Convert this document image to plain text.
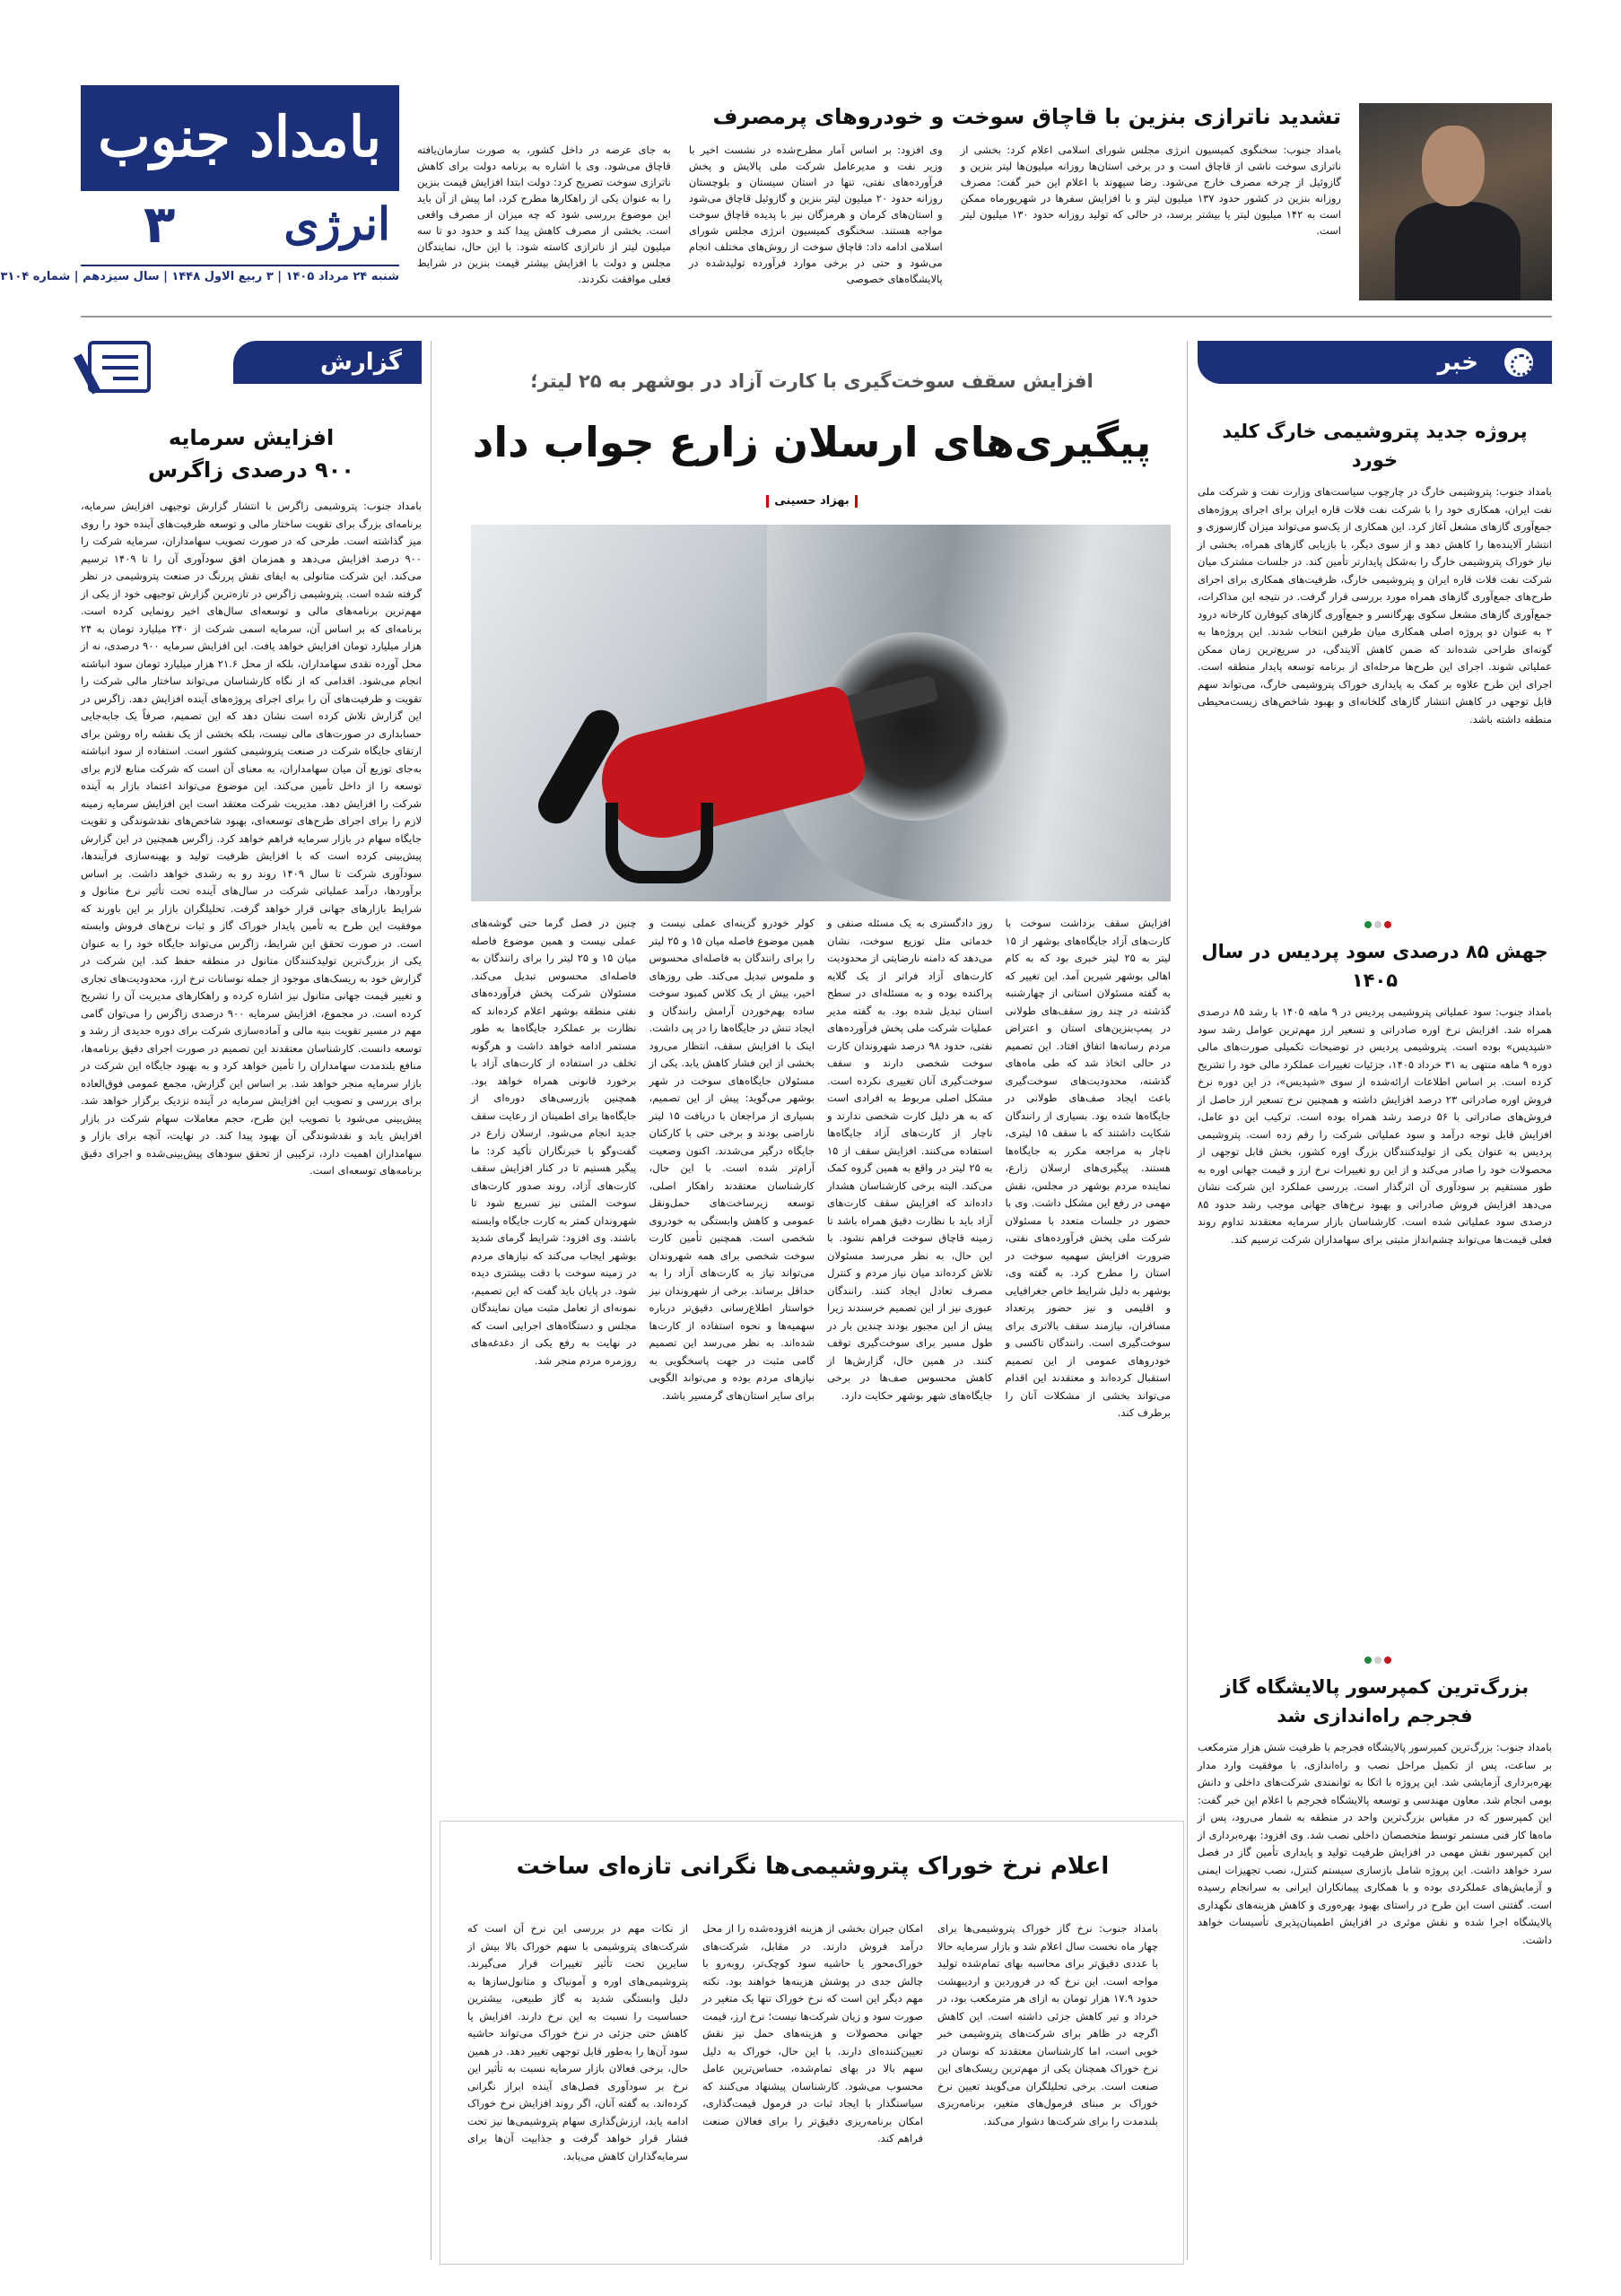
بامداد جنوب
انرژی
۳
شنبه ۲۴ مرداد ۱۴۰۵ | ۳ ربیع الاول ۱۴۴۸ | سال سیزدهم | شماره ۳۱۰۴
تشدید ناترازی بنزین با قاچاق سوخت و خودروهای پرمصرف
بامداد جنوب: سخنگوی کمیسیون انرژی مجلس شورای اسلامی اعلام کرد: بخشی از ناترازی سوخت ناشی از قاچاق است و در برخی استان‌ها روزانه میلیون‌ها لیتر بنزین و گازوئیل از چرخه مصرف خارج می‌شود. رضا سپهوند با اعلام این خبر گفت: مصرف روزانه بنزین در کشور حدود ۱۳۷ میلیون لیتر و با افزایش سفرها در شهریورماه ممکن است به ۱۴۲ میلیون لیتر یا بیشتر برسد، در حالی که تولید روزانه حدود ۱۳۰ میلیون لیتر است.
وی افزود: بر اساس آمار مطرح‌شده در نشست اخیر با وزیر نفت و مدیرعامل شرکت ملی پالایش و پخش فرآورده‌های نفتی، تنها در استان سیستان و بلوچستان روزانه حدود ۲۰ میلیون لیتر بنزین و گازوئیل قاچاق می‌شود و استان‌های کرمان و هرمزگان نیز با پدیده قاچاق سوخت مواجه هستند. سخنگوی کمیسیون انرژی مجلس شورای اسلامی ادامه داد: قاچاق سوخت از روش‌های مختلف انجام می‌شود و حتی در برخی موارد فرآورده تولیدشده در پالایشگاه‌های خصوصی
به جای عرضه در داخل کشور، به صورت سازمان‌یافته قاچاق می‌شود. وی با اشاره به برنامه دولت برای کاهش ناترازی سوخت تصریح کرد: دولت ابتدا افزایش قیمت بنزین را به عنوان یکی از راهکارها مطرح کرد، اما پیش از آن باید این موضوع بررسی شود که چه میزان از مصرف واقعی است. بخشی از مصرف کاهش پیدا کند و حدود دو تا سه میلیون لیتر از ناترازی کاسته شود. با این حال، نمایندگان مجلس و دولت با افزایش بیشتر قیمت بنزین در شرایط فعلی موافقت نکردند.
خبر
پروژه جدید پتروشیمی خارگ کلید خورد

بامداد جنوب: پتروشیمی خارگ در چارچوب سیاست‌های وزارت نفت و شرکت ملی نفت ایران، همکاری خود را با شرکت نفت فلات قاره ایران برای اجرای پروژه‌های جمع‌آوری گازهای مشعل آغاز کرد. این همکاری از یک‌سو می‌تواند میزان گازسوزی و انتشار آلاینده‌ها را کاهش دهد و از سوی دیگر، با بازیابی گازهای همراه، بخشی از نیاز خوراک پتروشیمی خارگ را به‌شکل پایدارتر تأمین کند. در جلسات مشترک میان شرکت نفت فلات قاره ایران و پتروشیمی خارگ، ظرفیت‌های همکاری برای اجرای طرح‌های جمع‌آوری گازهای همراه مورد بررسی قرار گرفت. در نتیجه این مذاکرات، جمع‌آوری گازهای مشعل سکوی بهرگانسر و جمع‌آوری گازهای کیوفارن کارخانه درود ۲ به عنوان دو پروژه اصلی همکاری میان طرفین انتخاب شدند. این پروژه‌ها به گونه‌ای طراحی شده‌اند که ضمن کاهش آلایندگی، در سریع‌ترین زمان ممکن عملیاتی شوند. اجرای این طرح‌ها مرحله‌ای از برنامه توسعه پایدار منطقه است. اجرای این طرح علاوه بر کمک به پایداری خوراک پتروشیمی خارگ، می‌تواند سهم قابل توجهی در کاهش انتشار گازهای گلخانه‌ای و بهبود شاخص‌های زیست‌محیطی منطقه داشته باشد.

جهش ۸۵ درصدی سود پردیس در سال ۱۴۰۵

بامداد جنوب: سود عملیاتی پتروشیمی پردیس در ۹ ماهه ۱۴۰۵ با رشد ۸۵ درصدی همراه شد. افزایش نرخ اوره صادراتی و تسعیر ارز مهم‌ترین عوامل رشد سود «شپدیس» بوده است. پتروشیمی پردیس در توضیحات تکمیلی صورت‌های مالی دوره ۹ ماهه منتهی به ۳۱ خرداد ۱۴۰۵، جزئیات تغییرات عملکرد مالی خود را تشریح کرده است. بر اساس اطلاعات ارائه‌شده از سوی «شپدیس»، در این دوره نرخ فروش اوره صادراتی ۲۳ درصد افزایش داشته و همچنین نرخ تسعیر ارز حاصل از فروش‌های صادراتی با ۵۶ درصد رشد همراه بوده است. ترکیب این دو عامل، افزایش قابل توجه درآمد و سود عملیاتی شرکت را رقم زده است. پتروشیمی پردیس به عنوان یکی از تولیدکنندگان بزرگ اوره کشور، بخش قابل توجهی از محصولات خود را صادر می‌کند و از این رو تغییرات نرخ ارز و قیمت جهانی اوره به طور مستقیم بر سودآوری آن اثرگذار است. بررسی عملکرد این شرکت نشان می‌دهد افزایش فروش صادراتی و بهبود نرخ‌های جهانی موجب رشد حدود ۸۵ درصدی سود عملیاتی شده است. کارشناسان بازار سرمایه معتقدند تداوم روند فعلی قیمت‌ها می‌تواند چشم‌انداز مثبتی برای سهامداران شرکت ترسیم کند.

بزرگ‌ترین کمپرسور پالایشگاه گاز فجرجم راه‌اندازی شد

بامداد جنوب: بزرگ‌ترین کمپرسور پالایشگاه فجرجم با ظرفیت شش هزار مترمکعب بر ساعت، پس از تکمیل مراحل نصب و راه‌اندازی، با موفقیت وارد مدار بهره‌برداری آزمایشی شد. این پروژه با اتکا به توانمندی شرکت‌های داخلی و دانش بومی انجام شد. معاون مهندسی و توسعه پالایشگاه فجرجم با اعلام این خبر گفت: این کمپرسور که در مقیاس بزرگ‌ترین واحد در منطقه به شمار می‌رود، پس از ماه‌ها کار فنی مستمر توسط متخصصان داخلی نصب شد. وی افزود: بهره‌برداری از این کمپرسور نقش مهمی در افزایش ظرفیت تولید و پایداری تأمین گاز در فصل سرد خواهد داشت. این پروژه شامل بازسازی سیستم کنترل، نصب تجهیزات ایمنی و آزمایش‌های عملکردی بوده و با همکاری پیمانکاران ایرانی به سرانجام رسیده است. گفتنی است این طرح در راستای بهبود بهره‌وری و کاهش هزینه‌های نگهداری پالایشگاه اجرا شده و نقش موثری در افزایش اطمینان‌پذیری تأسیسات خواهد داشت.

گزارش
افزایش سرمایه
۹۰۰ درصدی زاگرس
بامداد جنوب: پتروشیمی زاگرس با انتشار گزارش توجیهی افزایش سرمایه، برنامه‌ای بزرگ برای تقویت ساختار مالی و توسعه ظرفیت‌های آینده خود را روی میز گذاشته است. طرحی که در صورت تصویب سهامداران، سرمایه شرکت را ۹۰۰ درصد افزایش می‌دهد و همزمان افق سودآوری آن را تا ۱۴۰۹ ترسیم می‌کند. این شرکت متانولی به ایفای نقش پررنگ در صنعت پتروشیمی در نظر گرفته شده است. پتروشیمی زاگرس در تازه‌ترین گزارش توجیهی خود از یکی از مهم‌ترین برنامه‌های مالی و توسعه‌ای سال‌های اخیر رونمایی کرده است. برنامه‌ای که بر اساس آن، سرمایه اسمی شرکت از ۲۴۰ میلیارد تومان به ۲۴ هزار میلیارد تومان افزایش خواهد یافت. این افزایش سرمایه ۹۰۰ درصدی، نه از محل آورده نقدی سهامداران، بلکه از محل ۲۱.۶ هزار میلیارد تومان سود انباشته انجام می‌شود. اقدامی که از نگاه کارشناسان می‌تواند ساختار مالی شرکت را تقویت و ظرفیت‌های آن را برای اجرای پروژه‌های آینده افزایش دهد. زاگرس در این گزارش تلاش کرده است نشان دهد که این تصمیم، صرفاً یک جابه‌جایی حسابداری در صورت‌های مالی نیست، بلکه بخشی از یک نقشه راه روشن برای ارتقای جایگاه شرکت در صنعت پتروشیمی کشور است. استفاده از سود انباشته به‌جای توزیع آن میان سهامداران، به معنای آن است که شرکت منابع لازم برای توسعه را از داخل تأمین می‌کند. این موضوع می‌تواند اعتماد بازار به آینده شرکت را افزایش دهد. مدیریت شرکت معتقد است این افزایش سرمایه زمینه لازم را برای اجرای طرح‌های توسعه‌ای، بهبود شاخص‌های نقدشوندگی و تقویت جایگاه سهام در بازار سرمایه فراهم خواهد کرد. زاگرس همچنین در این گزارش پیش‌بینی کرده است که با افزایش ظرفیت تولید و بهینه‌سازی فرآیندها، سودآوری شرکت تا سال ۱۴۰۹ روند رو به رشدی خواهد داشت. بر اساس برآوردها، درآمد عملیاتی شرکت در سال‌های آینده تحت تأثیر نرخ متانول و شرایط بازارهای جهانی قرار خواهد گرفت. تحلیلگران بازار بر این باورند که موفقیت این طرح به تأمین پایدار خوراک گاز و ثبات نرخ‌های فروش وابسته است. در صورت تحقق این شرایط، زاگرس می‌تواند جایگاه خود را به عنوان یکی از بزرگ‌ترین تولیدکنندگان متانول در منطقه حفظ کند. این شرکت در گزارش خود به ریسک‌های موجود از جمله نوسانات نرخ ارز، محدودیت‌های تجاری و تغییر قیمت جهانی متانول نیز اشاره کرده و راهکارهای مدیریت آن را تشریح کرده است. در مجموع، افزایش سرمایه ۹۰۰ درصدی زاگرس را می‌توان گامی مهم در مسیر تقویت بنیه مالی و آماده‌سازی شرکت برای دوره جدیدی از رشد و توسعه دانست. کارشناسان معتقدند این تصمیم در صورت اجرای دقیق برنامه‌ها، منافع بلندمدت سهامداران را تأمین خواهد کرد و به بهبود جایگاه این شرکت در بازار سرمایه منجر خواهد شد. بر اساس این گزارش، مجمع عمومی فوق‌العاده برای بررسی و تصویب این افزایش سرمایه در آینده نزدیک برگزار خواهد شد. پیش‌بینی می‌شود با تصویب این طرح، حجم معاملات سهام شرکت در بازار افزایش یابد و نقدشوندگی آن بهبود پیدا کند. در نهایت، آنچه برای بازار و سهامداران اهمیت دارد، ترکیبی از تحقق سودهای پیش‌بینی‌شده و اجرای دقیق برنامه‌های توسعه‌ای است.
افزایش سقف سوخت‌گیری با کارت آزاد در بوشهر به ۲۵ لیتر؛
پیگیری‌های ارسلان زارع جواب داد
بهزاد حسینی
افزایش سقف برداشت سوخت با کارت‌های آزاد جایگاه‌های بوشهر از ۱۵ لیتر به ۲۵ لیتر خبری بود که به کام اهالی بوشهر شیرین آمد. این تغییر که به گفته مسئولان استانی از چهارشنبه گذشته در چند روز سقف‌های طولانی در پمپ‌بنزین‌های استان و اعتراض مردم رسانه‌ها اتفاق افتاد. این تصمیم در حالی اتخاذ شد که طی ماه‌های گذشته، محدودیت‌های سوخت‌گیری باعث ایجاد صف‌های طولانی در جایگاه‌ها شده بود. بسیاری از رانندگان شکایت داشتند که با سقف ۱۵ لیتری، ناچار به مراجعه مکرر به جایگاه‌ها هستند. پیگیری‌های ارسلان زارع، نماینده مردم بوشهر در مجلس، نقش مهمی در رفع این مشکل داشت. وی با حضور در جلسات متعدد با مسئولان شرکت ملی پخش فرآورده‌های نفتی، ضرورت افزایش سهمیه سوخت در استان را مطرح کرد. به گفته وی، بوشهر به دلیل شرایط خاص جغرافیایی و اقلیمی و نیز حضور پرتعداد مسافران، نیازمند سقف بالاتری برای سوخت‌گیری است. رانندگان تاکسی و خودروهای عمومی از این تصمیم استقبال کرده‌اند و معتقدند این اقدام می‌تواند بخشی از مشکلات آنان را برطرف کند.
روز دادگستری به یک مسئله صنفی و خدماتی مثل توزیع سوخت، نشان می‌دهد که دامنه نارضایتی از محدودیت کارت‌های آزاد فراتر از یک گلایه پراکنده بوده و به مسئله‌ای در سطح استان تبدیل شده بود. به گفته مدیر عملیات شرکت ملی پخش فرآورده‌های نفتی، حدود ۹۸ درصد شهروندان کارت سوخت شخصی دارند و سقف سوخت‌گیری آنان تغییری نکرده است. مشکل اصلی مربوط به افرادی است که به هر دلیل کارت شخصی ندارند و ناچار از کارت‌های آزاد جایگاه‌ها استفاده می‌کنند. افزایش سقف از ۱۵ به ۲۵ لیتر در واقع به همین گروه کمک می‌کند. البته برخی کارشناسان هشدار داده‌اند که افزایش سقف کارت‌های آزاد باید با نظارت دقیق همراه باشد تا زمینه قاچاق سوخت فراهم نشود. با این حال، به نظر می‌رسد مسئولان تلاش کرده‌اند میان نیاز مردم و کنترل مصرف تعادل ایجاد کنند. رانندگان عبوری نیز از این تصمیم خرسندند زیرا پیش از این مجبور بودند چندین بار در طول مسیر برای سوخت‌گیری توقف کنند. در همین حال، گزارش‌ها از کاهش محسوس صف‌ها در برخی جایگاه‌های شهر بوشهر حکایت دارد.
کولر خودرو گزینه‌ای عملی نیست و همین موضوع فاصله میان ۱۵ و ۲۵ لیتر را برای رانندگان به فاصله‌ای محسوس و ملموس تبدیل می‌کند. طی روزهای اخیر، بیش از یک کلاس کمبود سوخت ساده بهم‌خوردن آرامش رانندگان و ایجاد تنش در جایگاه‌ها را در پی داشت. اینک با افزایش سقف، انتظار می‌رود بخشی از این فشار کاهش یابد. یکی از مسئولان جایگاه‌های سوخت در شهر بوشهر می‌گوید: پیش از این تصمیم، بسیاری از مراجعان با دریافت ۱۵ لیتر ناراضی بودند و برخی حتی با کارکنان جایگاه درگیر می‌شدند. اکنون وضعیت آرام‌تر شده است. با این حال، کارشناسان معتقدند راهکار اصلی، توسعه زیرساخت‌های حمل‌ونقل عمومی و کاهش وابستگی به خودروی شخصی است. همچنین تأمین کارت سوخت شخصی برای همه شهروندان می‌تواند نیاز به کارت‌های آزاد را به حداقل برساند. برخی از شهروندان نیز خواستار اطلاع‌رسانی دقیق‌تر درباره سهمیه‌ها و نحوه استفاده از کارت‌ها شده‌اند. به نظر می‌رسد این تصمیم گامی مثبت در جهت پاسخگویی به نیازهای مردم بوده و می‌تواند الگویی برای سایر استان‌های گرمسیر باشد.
چنین در فصل گرما حتی گوشه‌های عملی نیست و همین موضوع فاصله میان ۱۵ و ۲۵ لیتر را برای رانندگان به فاصله‌ای محسوس تبدیل می‌کند. مسئولان شرکت پخش فرآورده‌های نفتی منطقه بوشهر اعلام کرده‌اند که نظارت بر عملکرد جایگاه‌ها به طور مستمر ادامه خواهد داشت و هرگونه تخلف در استفاده از کارت‌های آزاد با برخورد قانونی همراه خواهد بود. همچنین بازرسی‌های دوره‌ای از جایگاه‌ها برای اطمینان از رعایت سقف جدید انجام می‌شود. ارسلان زارع در گفت‌وگو با خبرنگاران تأکید کرد: ما پیگیر هستیم تا در کنار افزایش سقف کارت‌های آزاد، روند صدور کارت‌های سوخت المثنی نیز تسریع شود تا شهروندان کمتر به کارت جایگاه وابسته باشند. وی افزود: شرایط گرمای شدید بوشهر ایجاب می‌کند که نیازهای مردم در زمینه سوخت با دقت بیشتری دیده شود. در پایان باید گفت که این تصمیم، نمونه‌ای از تعامل مثبت میان نمایندگان مجلس و دستگاه‌های اجرایی است که در نهایت به رفع یکی از دغدغه‌های روزمره مردم منجر شد.
اعلام نرخ خوراک پتروشیمی‌ها نگرانی تازه‌ای ساخت
بامداد جنوب: نرخ گاز خوراک پتروشیمی‌ها برای چهار ماه نخست سال اعلام شد و بازار سرمایه حالا با عددی دقیق‌تر برای محاسبه بهای تمام‌شده تولید مواجه است. این نرخ که در فروردین و اردیبهشت حدود ۱۷.۹ هزار تومان به ازای هر مترمکعب بود، در خرداد و تیر کاهش جزئی داشته است. این کاهش اگرچه در ظاهر برای شرکت‌های پتروشیمی خبر خوبی است، اما کارشناسان معتقدند که نوسان در نرخ خوراک همچنان یکی از مهم‌ترین ریسک‌های این صنعت است. برخی تحلیلگران می‌گویند تعیین نرخ خوراک بر مبنای فرمول‌های متغیر، برنامه‌ریزی بلندمدت را برای شرکت‌ها دشوار می‌کند.
امکان جبران بخشی از هزینه افزوده‌شده را از محل درآمد فروش دارند. در مقابل، شرکت‌های خوراک‌محور یا حاشیه سود کوچک‌تر، روبه‌رو با چالش جدی در پوشش هزینه‌ها خواهند بود. نکته مهم دیگر این است که نرخ خوراک تنها یک متغیر در صورت سود و زیان شرکت‌ها نیست؛ نرخ ارز، قیمت جهانی محصولات و هزینه‌های حمل نیز نقش تعیین‌کننده‌ای دارند. با این حال، خوراک به دلیل سهم بالا در بهای تمام‌شده، حساس‌ترین عامل محسوب می‌شود. کارشناسان پیشنهاد می‌کنند که سیاستگذار با ایجاد ثبات در فرمول قیمت‌گذاری، امکان برنامه‌ریزی دقیق‌تر را برای فعالان صنعت فراهم کند.
از نکات مهم در بررسی این نرخ آن است که شرکت‌های پتروشیمی با سهم خوراک بالا بیش از سایرین تحت تأثیر تغییرات قرار می‌گیرند. پتروشیمی‌های اوره و آمونیاک و متانول‌سازها به دلیل وابستگی شدید به گاز طبیعی، بیشترین حساسیت را نسبت به این نرخ دارند. افزایش یا کاهش حتی جزئی در نرخ خوراک می‌تواند حاشیه سود آن‌ها را به‌طور قابل توجهی تغییر دهد. در همین حال، برخی فعالان بازار سرمایه نسبت به تأثیر این نرخ بر سودآوری فصل‌های آینده ابراز نگرانی کرده‌اند. به گفته آنان، اگر روند افزایش نرخ خوراک ادامه یابد، ارزش‌گذاری سهام پتروشیمی‌ها نیز تحت فشار قرار خواهد گرفت و جذابیت آن‌ها برای سرمایه‌گذاران کاهش می‌یابد.
